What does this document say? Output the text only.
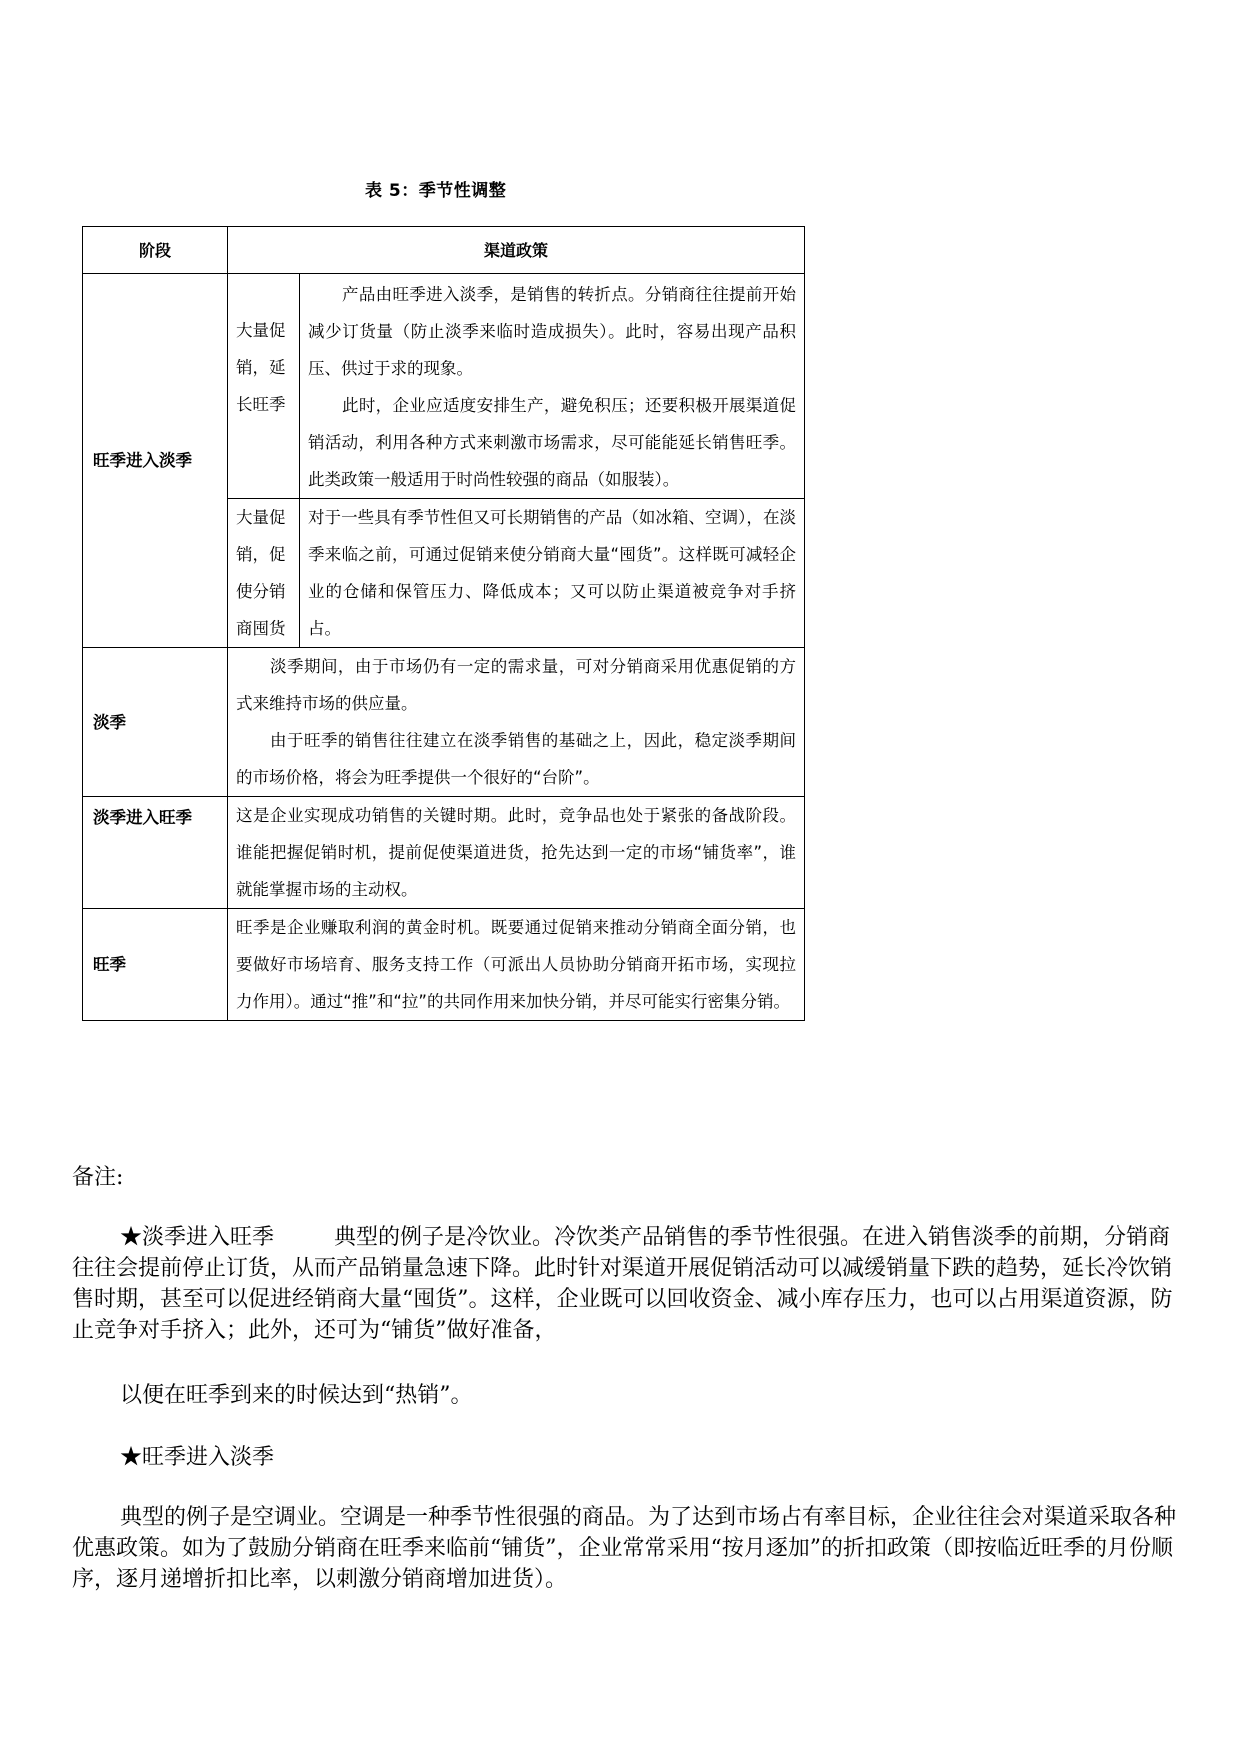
表 5：季节性调整
阶段	渠道政策	
旺季进入淡季	大量促销，延长旺季	产品由旺季进入淡季，是销售的转折点。分销商往往提前开始减少订货量（防止淡季来临时造成损失）。此时，容易出现产品积压、供过于求的现象。

此时，企业应适度安排生产，避免积压；还要积极开展渠道促销活动，利用各种方式来刺激市场需求，尽可能能延长销售旺季。此类政策一般适用于时尚性较强的商品（如服装）。

	大量促销，促使分销商囤货	对于一些具有季节性但又可长期销售的产品（如冰箱、空调），在淡季来临之前，可通过促销来使分销商大量“囤货”。这样既可减轻企业的仓储和保管压力、降低成本；又可以防止渠道被竞争对手挤占。

淡季	淡季期间，由于市场仍有一定的需求量，可对分销商采用优惠促销的方式来维持市场的供应量。

由于旺季的销售往往建立在淡季销售的基础之上，因此，稳定淡季期间的市场价格，将会为旺季提供一个很好的“台阶”。	

淡季进入旺季	这是企业实现成功销售的关键时期。此时，竞争品也处于紧张的备战阶段。谁能把握促销时机，提前促使渠道进货，抢先达到一定的市场“铺货率”，谁就能掌握市场的主动权。	

旺季	旺季是企业赚取利润的黄金时机。既要通过促销来推动分销商全面分销，也要做好市场培育、服务支持工作（可派出人员协助分销商开拓市场，实现拉力作用）。通过“推”和“拉”的共同作用来加快分销，并尽可能实行密集分销。	

备注:

★淡季进入旺季	典型的例子是冷饮业。冷饮类产品销售的季节性很强。在进入销售淡季的前期，分销商往往会提前停止订货，从而产品销量急速下降。此时针对渠道开展促销活动可以减缓销量下跌的趋势，延长冷饮销售时期，甚至可以促进经销商大量“囤货”。这样，企业既可以回收资金、减小库存压力，也可以占用渠道资源，防止竞争对手挤入；此外，还可为“铺货”做好准备，

以便在旺季到来的时候达到“热销”。

★旺季进入淡季

典型的例子是空调业。空调是一种季节性很强的商品。为了达到市场占有率目标，企业往往会对渠道采取各种优惠政策。如为了鼓励分销商在旺季来临前“铺货”，企业常常采用“按月逐加”的折扣政策（即按临近旺季的月份顺序，逐月递增折扣比率，以刺激分销商增加进货）。
